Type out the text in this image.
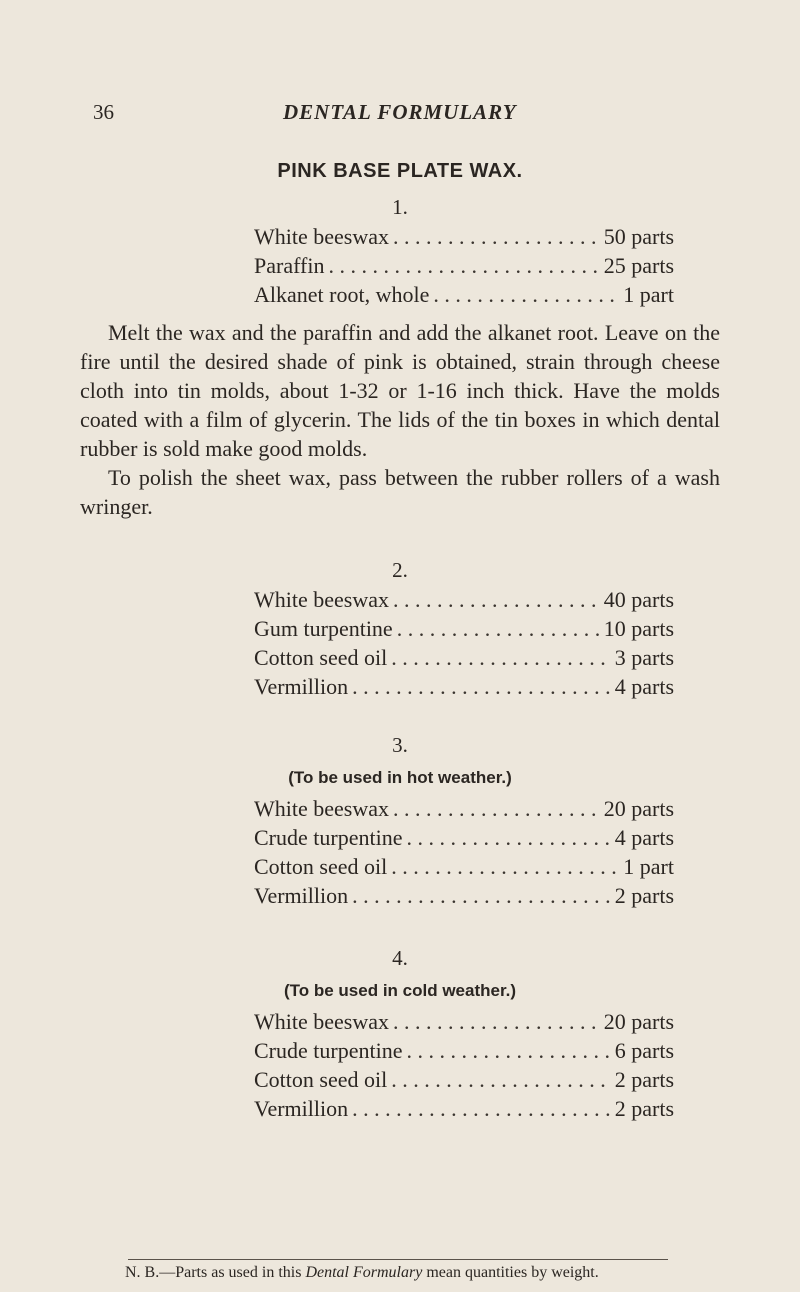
36	DENTAL FORMULARY
PINK BASE PLATE WAX.
1.
White beeswax . . .	50 parts
Paraffin . . .	25 parts
Alkanet root, whole . . .	1 part

Melt the wax and the paraffin and add the alkanet root. Leave on the fire until the desired shade of pink is obtained, strain through cheese cloth into tin molds, about 1-32 or 1-16 inch thick. Have the molds coated with a film of glycerin. The lids of the tin boxes in which dental rubber is sold make good molds.

To polish the sheet wax, pass between the rubber rollers of a wash wringer.

2.
White beeswax . . .	40 parts
Gum turpentine . . .	10 parts
Cotton seed oil . . .	3 parts
Vermillion . . .	4 parts
3.
(To be used in hot weather.)
White beeswax . . .	20 parts
Crude turpentine . . .	4 parts
Cotton seed oil . . .	1 part
Vermillion . . .	2 parts
4.
(To be used in cold weather.)
White beeswax . . .	20 parts
Crude turpentine . . .	6 parts
Cotton seed oil . . .	2 parts
Vermillion . . .	2 parts
N. B.—Parts as used in this Dental Formulary mean quantities by weight.
